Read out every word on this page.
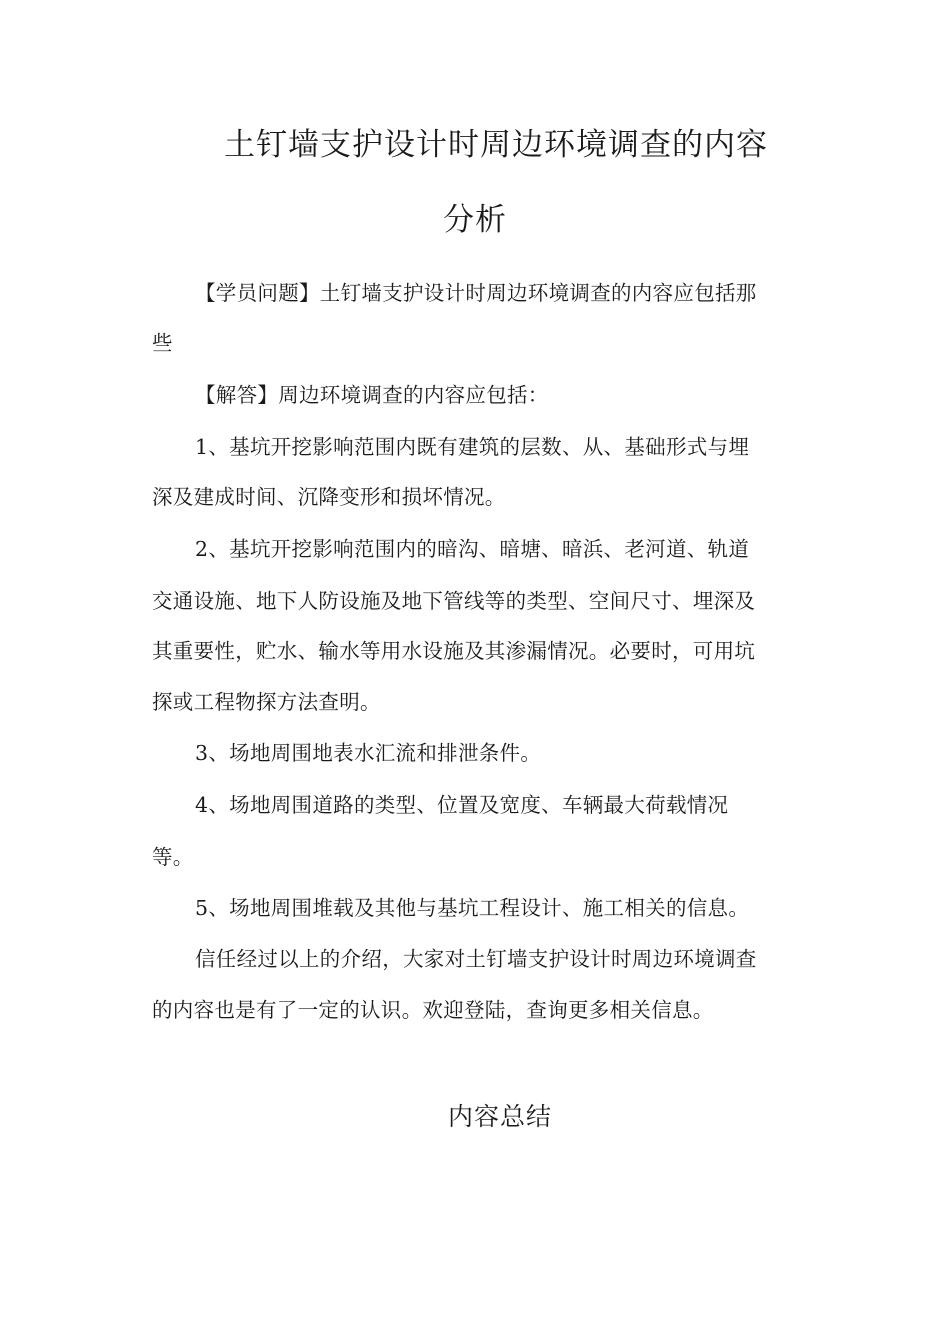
土钉墙支护设计时周边环境调查的内容
分析
【学员问题】土钉墙支护设计时周边环境调查的内容应包括那
些
【解答】周边环境调查的内容应包括：
1、基坑开挖影响范围内既有建筑的层数、从、基础形式与埋
深及建成时间、沉降变形和损坏情况。
2、基坑开挖影响范围内的暗沟、暗塘、暗浜、老河道、轨道
交通设施、地下人防设施及地下管线等的类型、空间尺寸、埋深及
其重要性，贮水、输水等用水设施及其渗漏情况。必要时，可用坑
探或工程物探方法查明。
3、场地周围地表水汇流和排泄条件。
4、场地周围道路的类型、位置及宽度、车辆最大荷载情况
等。
5、场地周围堆载及其他与基坑工程设计、施工相关的信息。
信任经过以上的介绍，大家对土钉墙支护设计时周边环境调查
的内容也是有了一定的认识。欢迎登陆，查询更多相关信息。
内容总结
